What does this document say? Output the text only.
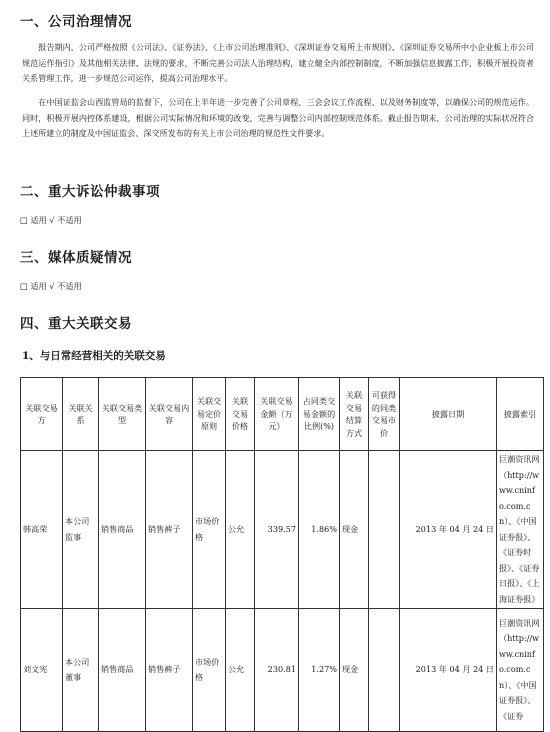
一、公司治理情况

报告期内，公司严格按照《公司法》、《证券法》、《上市公司治理准则》、《深圳证券交易所上市规则》、《深圳证券交易所中小企业板上市公司规范运作指引》及其他相关法律、法规的要求，不断完善公司法人治理结构，建立健全内部控制制度，不断加强信息披露工作，积极开展投资者关系管理工作，进一步规范公司运作，提高公司治理水平。

在中国证监会山西监管局的监督下，公司在上半年进一步完善了公司章程、三会会议工作流程、以及财务制度等，以确保公司的规范运作。同时，积极开展内控体系建设，根据公司实际情况和环境的改变，完善与调整公司内部控制规范体系。截止报告期末，公司治理的实际状况符合上述所建立的制度及中国证监会、深交所发布的有关上市公司治理的规范性文件要求。

二、重大诉讼仲裁事项
□ 适用 √ 不适用
三、媒体质疑情况
□ 适用 √ 不适用
四、重大关联交易
1、与日常经营相关的关联交易
关联交易方	关联关系	关联交易类型	关联交易内容	关联交易定价原则	关联交易价格	关联交易金额（万元）	占同类交易金额的比例(%)	关联交易结算方式	可获得的同类交易市价	披露日期	披露索引
韩高荣	本公司监事	销售商品	销售裤子	市场价格	公允	339.57	1.86%	现金		2013 年 04 月 24 日	巨潮资讯网（http://www.cninfo.com.cn）、《中国证券报》、《证券时报》、《证券日报》、《上海证券报》
刘文宪	本公司董事	销售商品	销售裤子	市场价格	公允	230.81	1.27%	现金		2013 年 04 月 24 日	巨潮资讯网（http://www.cninfo.com.cn）、《中国证券报》、《证券
